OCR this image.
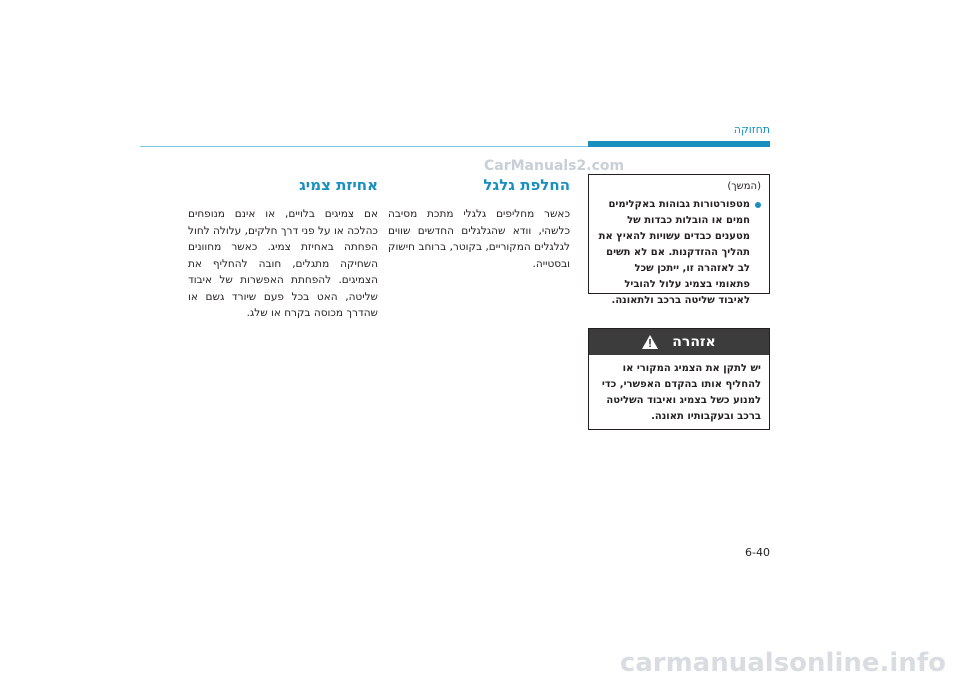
תחזוקה
CarManuals2.com
החלפת גלגל

כאשר מחליפים גלגלי מתכת מסיבה כלשהי, וודא שהגלגלים החדשים שווים לגלגלים המקוריים, בקוטר, ברוחב חישוק ובסטייה.

אחיזת צמיג

אם צמיגים בלויים, או אינם מנופחים כהלכה או על פני דרך חלקים, עלולה לחול הפחתה באחיזת צמיג. כאשר מחוונים השחיקה מתגלים, חובה להחליף את הצמיגים. להפחתת האפשרות של איבוד שליטה, האט בכל פעם שיורד גשם או שהדרך מכוסה בקרח או שלג.

(המשך)

מטפורטורות גבוהות באקלימים חמים או הובלות כבדות של מטענים כבדים עשויות להאיץ את תהליך ההזדקנות. אם לא תשים לב לאזהרה זו, ייתכן שכל פתאומי בצמיג עלול להוביל לאיבוד שליטה ברכב ולתאונה.

אזהרה

יש לתקן את הצמיג המקורי או להחליף אותו בהקדם האפשרי, כדי למנוע כשל בצמיג ואיבוד השליטה ברכב ובעקבותיו תאונה.

6-40
carmanualsonline.info
